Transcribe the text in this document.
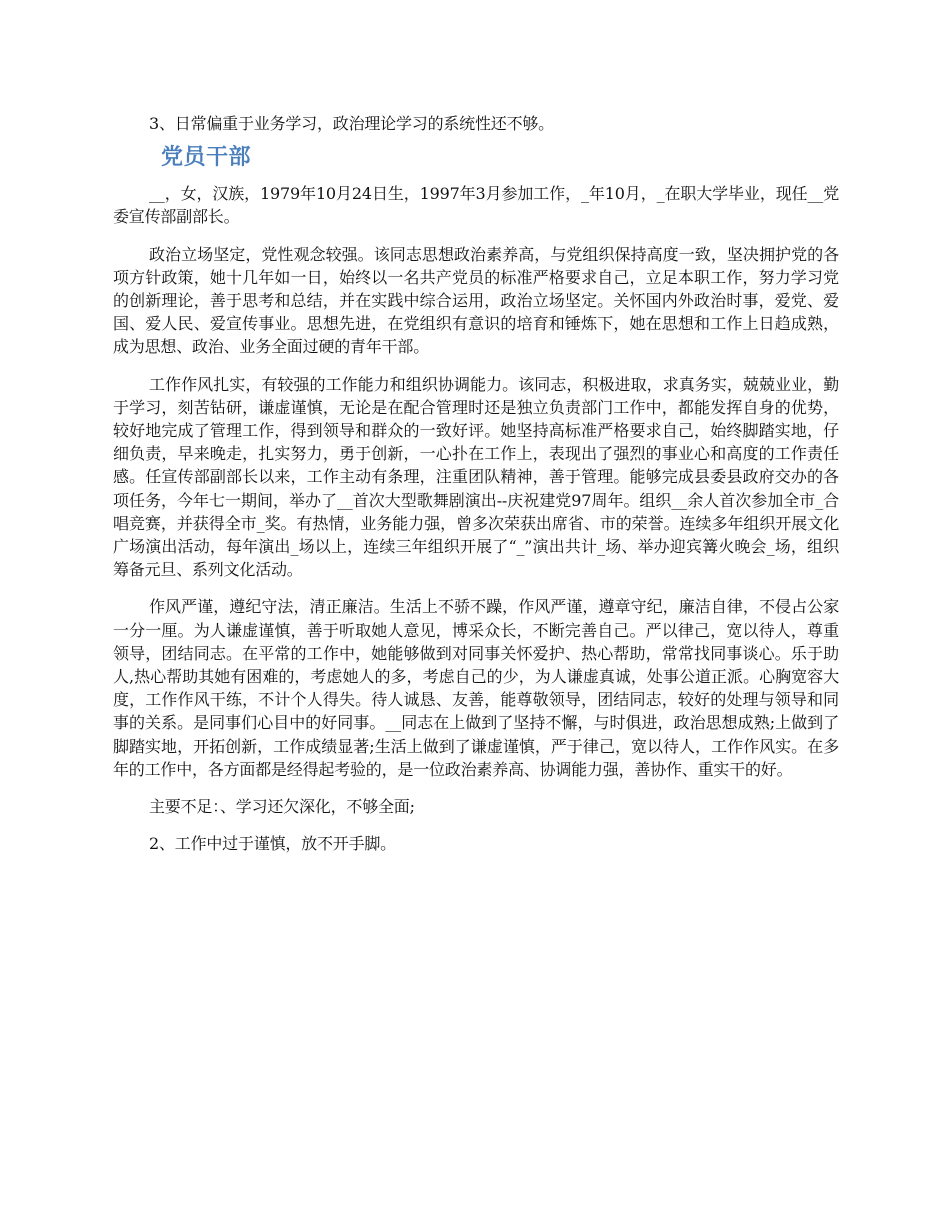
3、日常偏重于业务学习，政治理论学习的系统性还不够。

党员干部

__，女，汉族，1979年10月24日生，1997年3月参加工作，_年10月，_在职大学毕业，现任__党委宣传部副部长。

政治立场坚定，党性观念较强。该同志思想政治素养高，与党组织保持高度一致，坚决拥护党的各项方针政策，她十几年如一日，始终以一名共产党员的标准严格要求自己，立足本职工作，努力学习党的创新理论，善于思考和总结，并在实践中综合运用，政治立场坚定。关怀国内外政治时事，爱党、爱国、爱人民、爱宣传事业。思想先进，在党组织有意识的培育和锤炼下，她在思想和工作上日趋成熟，成为思想、政治、业务全面过硬的青年干部。

工作作风扎实，有较强的工作能力和组织协调能力。该同志，积极进取，求真务实，兢兢业业，勤于学习，刻苦钻研，谦虚谨慎，无论是在配合管理时还是独立负责部门工作中，都能发挥自身的优势，较好地完成了管理工作，得到领导和群众的一致好评。她坚持高标准严格要求自己，始终脚踏实地，仔细负责，早来晚走，扎实努力，勇于创新，一心扑在工作上，表现出了强烈的事业心和高度的工作责任感。任宣传部副部长以来，工作主动有条理，注重团队精神，善于管理。能够完成县委县政府交办的各项任务，今年七一期间，举办了__首次大型歌舞剧演出--庆祝建党97周年。组织__余人首次参加全市_合唱竞赛，并获得全市_奖。有热情，业务能力强，曾多次荣获出席省、市的荣誉。连续多年组织开展文化广场演出活动，每年演出_场以上，连续三年组织开展了“_”演出共计_场、举办迎宾篝火晚会_场，组织筹备元旦、系列文化活动。

作风严谨，遵纪守法，清正廉洁。生活上不骄不躁，作风严谨，遵章守纪，廉洁自律，不侵占公家一分一厘。为人谦虚谨慎，善于听取她人意见，博采众长，不断完善自己。严以律己，宽以待人，尊重领导，团结同志。在平常的工作中，她能够做到对同事关怀爱护、热心帮助，常常找同事谈心。乐于助人,热心帮助其她有困难的，考虑她人的多，考虑自己的少，为人谦虚真诚，处事公道正派。心胸宽容大度，工作作风干练，不计个人得失。待人诚恳、友善，能尊敬领导，团结同志，较好的处理与领导和同事的关系。是同事们心目中的好同事。__同志在上做到了坚持不懈，与时俱进，政治思想成熟;上做到了脚踏实地，开拓创新，工作成绩显著;生活上做到了谦虚谨慎，严于律己，宽以待人，工作作风实。在多年的工作中，各方面都是经得起考验的，是一位政治素养高、协调能力强，善协作、重实干的好。

主要不足：、学习还欠深化，不够全面;

2、工作中过于谨慎，放不开手脚。
